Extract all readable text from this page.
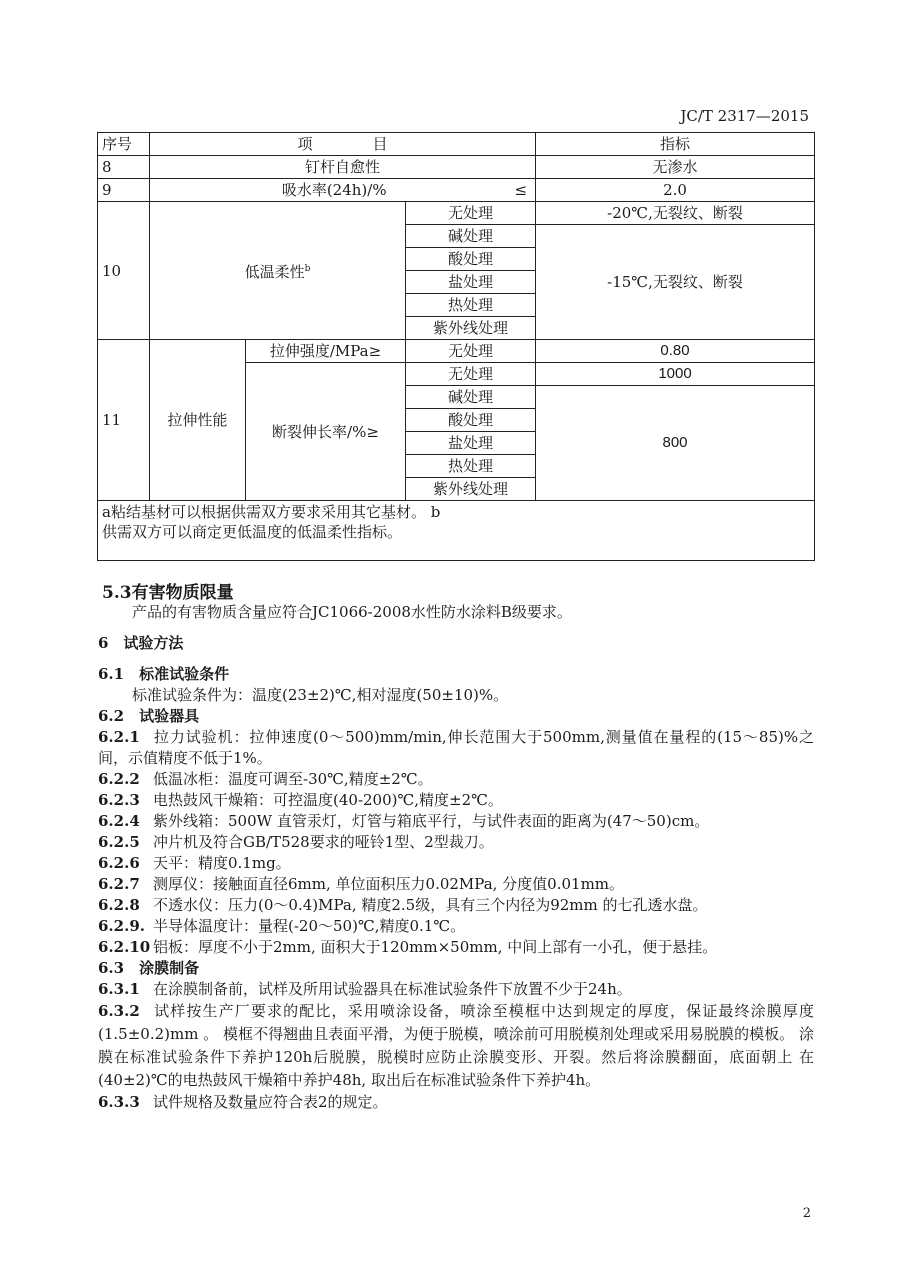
JC/T 2317—2015
序号	项　　　　目			指标
8	钉杆自愈性			无渗水
9	吸水率(24h)/% ≤			2.0
10	低温柔性$^b$		无处理	-20℃,无裂纹、断裂
			碱处理	-15℃,无裂纹、断裂
			酸处理	
			盐处理	
			热处理	
			紫外线处理	
11	拉伸性能	拉伸强度/MPa≥	无处理	0.80
		断裂伸长率/%≥	无处理	1000
			碱处理	800
			酸处理	
			盐处理	
			热处理	
			紫外线处理	

a粘结基材可以根据供需双方要求采用其它基材。 b供需双方可以商定更低温度的低温柔性指标。				
5.3有害物质限量

产品的有害物质含量应符合JC1066-2008水性防水涂料B级要求。

6　试验方法

6.1　标准试验条件

标准试验条件为：温度(23±2)℃,相对湿度(50±10)%。

6.2　试验器具

6.2.1 拉力试验机：拉伸速度(0～500)mm/min,伸长范围大于500mm,测量值在量程的(15～85)%之间，示值精度不低于1%。

6.2.2 低温冰柜：温度可调至-30℃,精度±2℃。

6.2.3 电热鼓风干燥箱：可控温度(40-200)℃,精度±2℃。

6.2.4 紫外线箱：500W 直管汞灯，灯管与箱底平行，与试件表面的距离为(47～50)cm。

6.2.5 冲片机及符合GB/T528要求的哑铃1型、2型裁刀。

6.2.6 天平：精度0.1mg。

6.2.7 测厚仪：接触面直径6mm, 单位面积压力0.02MPa, 分度值0.01mm。

6.2.8 不透水仪：压力(0～0.4)MPa, 精度2.5级，具有三个内径为92mm 的七孔透水盘。

6.2.9. 半导体温度计：量程(-20～50)℃,精度0.1℃。

6.2.10 铝板：厚度不小于2mm, 面积大于120mm×50mm, 中间上部有一小孔，便于悬挂。

6.3　涂膜制备

6.3.1 在涂膜制备前，试样及所用试验器具在标准试验条件下放置不少于24h。

6.3.2 试样按生产厂要求的配比，采用喷涂设备，喷涂至模框中达到规定的厚度，保证最终涂膜厚度(1.5±0.2)mm 。 模框不得翘曲且表面平滑，为便于脱模，喷涂前可用脱模剂处理或采用易脱膜的模板。 涂膜在标准试验条件下养护120h后脱膜，脱模时应防止涂膜变形、开裂。然后将涂膜翻面，底面朝上 在(40±2)℃的电热鼓风干燥箱中养护48h, 取出后在标准试验条件下养护4h。

6.3.3 试件规格及数量应符合表2的规定。

2
